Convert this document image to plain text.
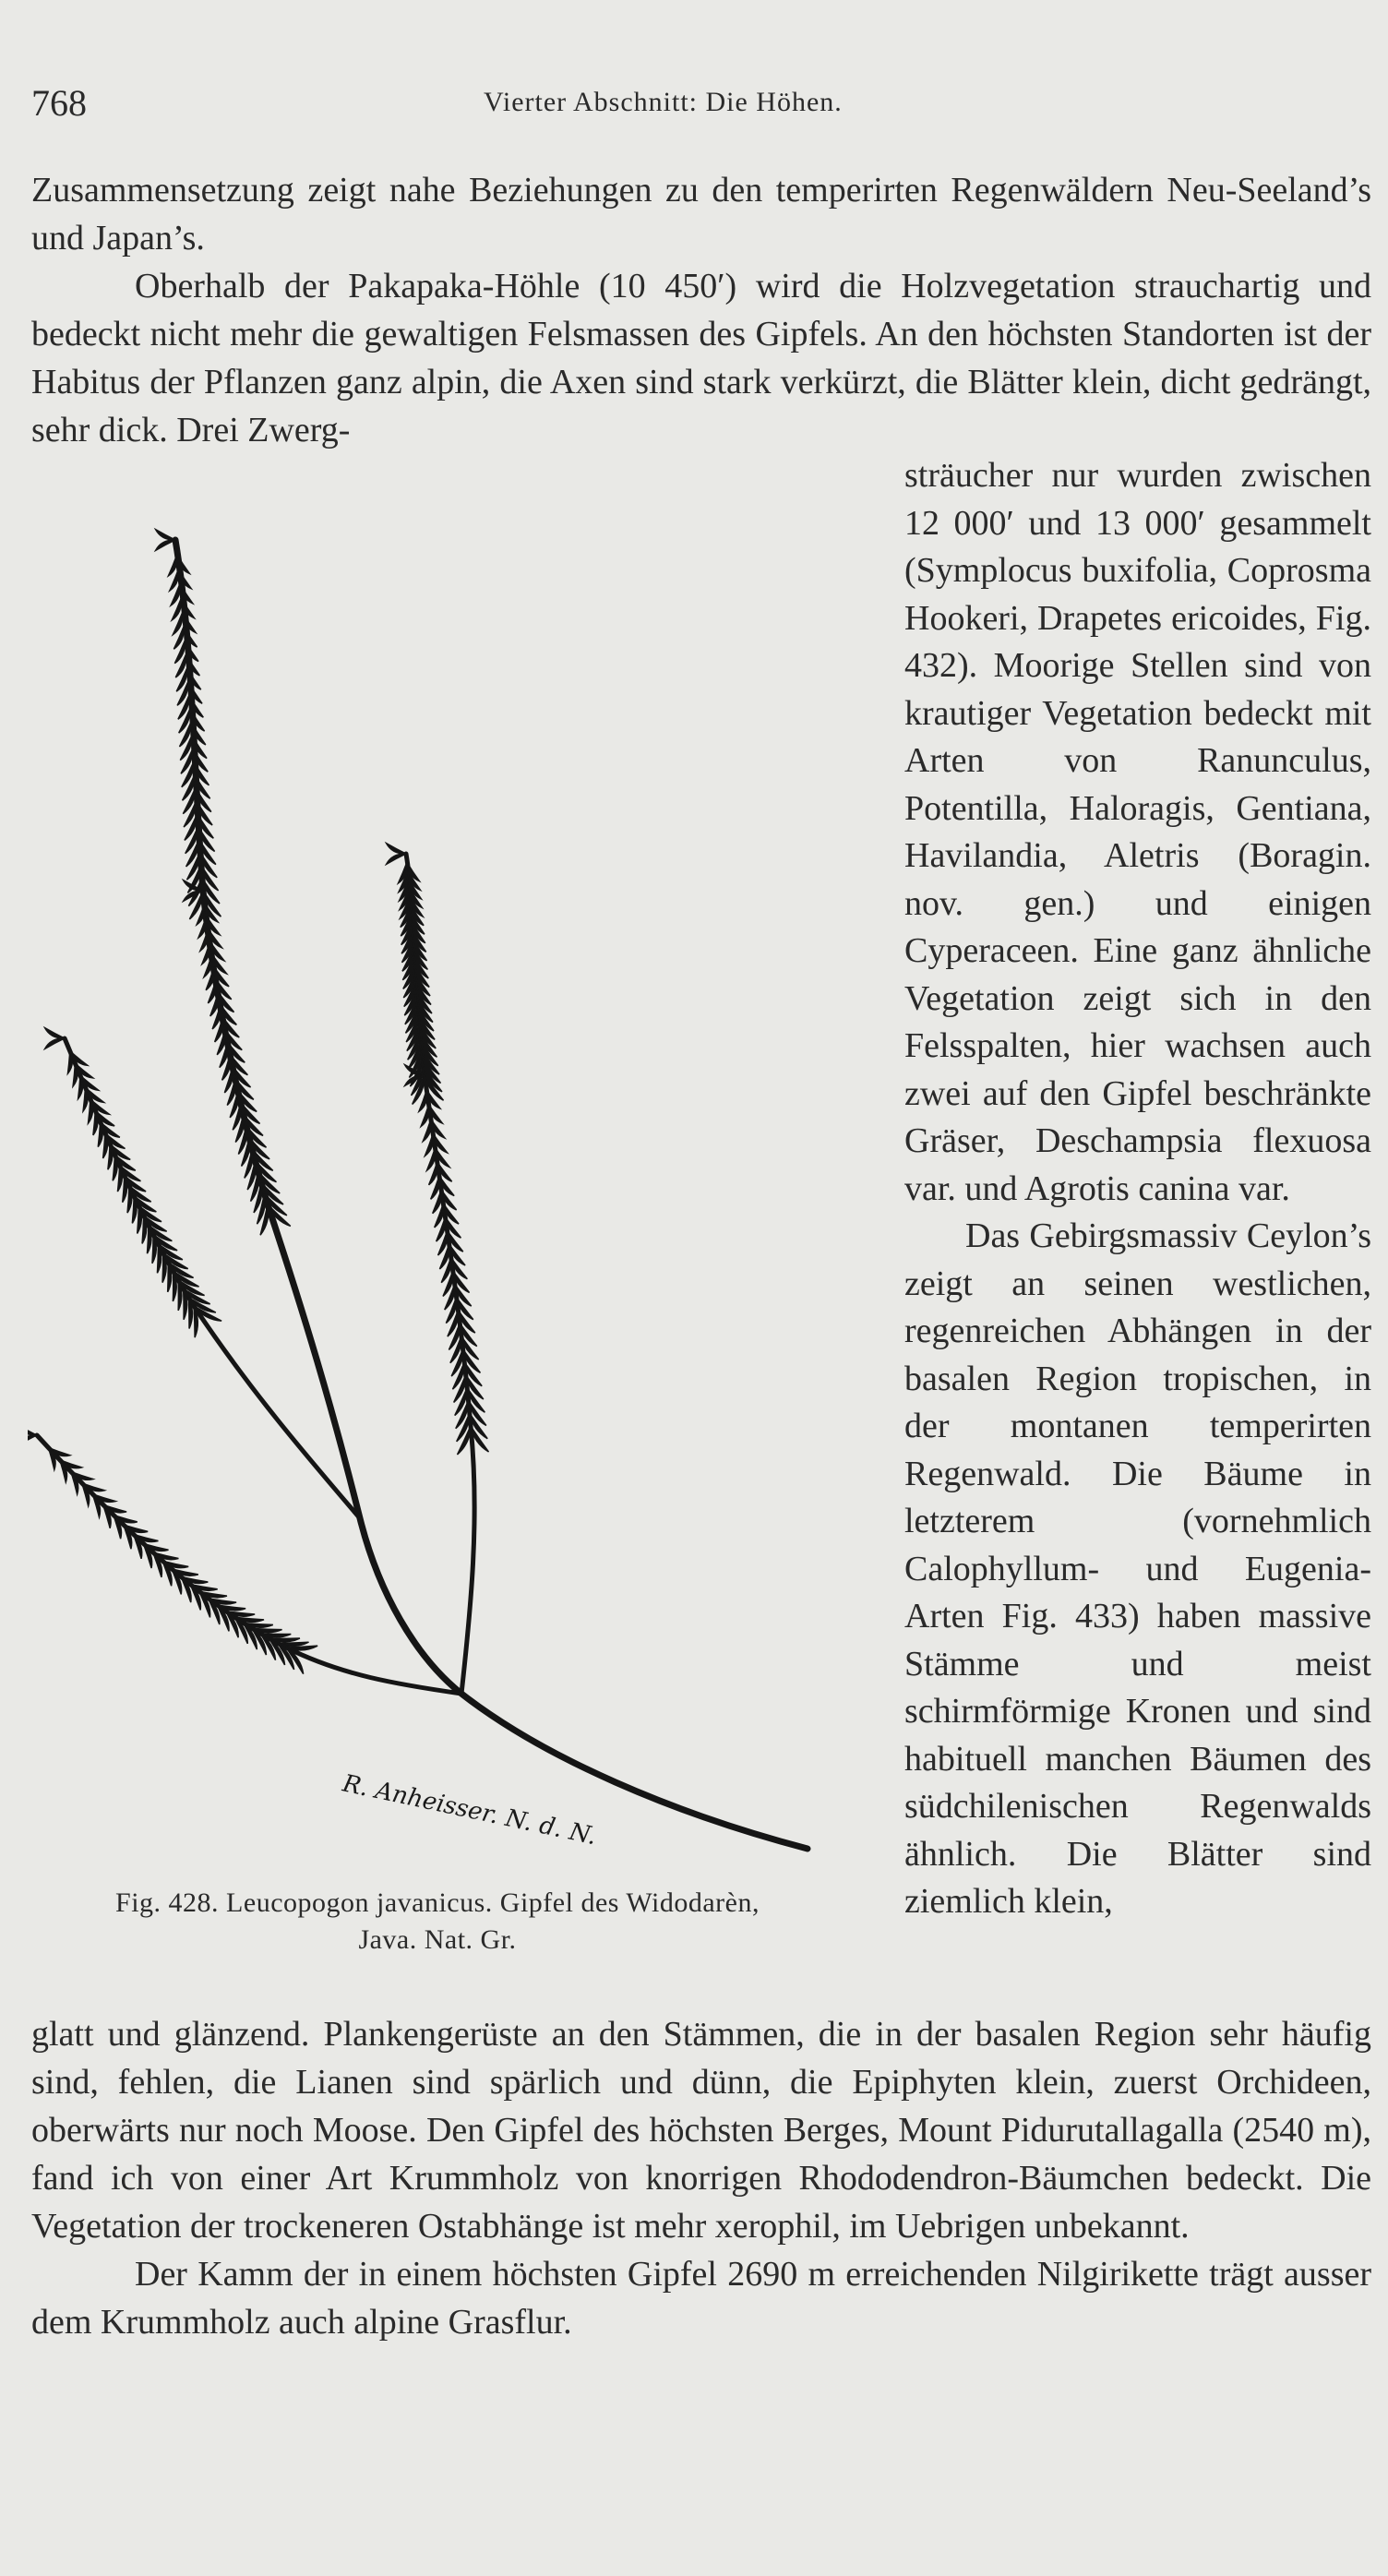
768	Vierter Abschnitt: Die Höhen.

Zusammensetzung zeigt nahe Beziehungen zu den temperirten Regenwäldern Neu-Seeland’s und Japan’s.

Oberhalb der Pakapaka-Höhle (10 450′) wird die Holzvegetation strauchartig und bedeckt nicht mehr die gewaltigen Felsmassen des Gipfels. An den höchsten Standorten ist der Habitus der Pflanzen ganz alpin, die Axen sind stark verkürzt, die Blätter klein, dicht gedrängt, sehr dick. Drei Zwerg-

R. Anheisser. N. d. N.
Fig. 428. Leucopogon javanicus. Gipfel des Widodarèn,
Java. Nat. Gr.

sträucher nur wurden zwischen 12 000′ und 13 000′ gesammelt (Symplocus buxifolia, Coprosma Hookeri, Drapetes ericoides, Fig. 432). Moorige Stellen sind von krautiger Vegetation bedeckt mit Arten von Ranunculus, Potentilla, Haloragis, Gentiana, Havilandia, Aletris (Boragin. nov. gen.) und einigen Cyperaceen. Eine ganz ähnliche Vegetation zeigt sich in den Felsspalten, hier wachsen auch zwei auf den Gipfel beschränkte Gräser, Deschampsia flexuosa var. und Agrotis canina var.

Das Gebirgsmassiv Ceylon’s zeigt an seinen westlichen, regenreichen Abhängen in der basalen Region tropischen, in der montanen temperirten Regenwald. Die Bäume in letzterem (vornehmlich Calophyllum- und Eugenia-Arten Fig. 433) haben massive Stämme und meist schirmförmige Kronen und sind habituell manchen Bäumen des südchilenischen Regenwalds ähnlich. Die Blätter sind ziemlich klein,

glatt und glänzend. Plankengerüste an den Stämmen, die in der basalen Region sehr häufig sind, fehlen, die Lianen sind spärlich und dünn, die Epiphyten klein, zuerst Orchideen, oberwärts nur noch Moose. Den Gipfel des höchsten Berges, Mount Pidurutallagalla (2540 m), fand ich von einer Art Krummholz von knorrigen Rhododendron-Bäumchen bedeckt. Die Vegetation der trockeneren Ostabhänge ist mehr xerophil, im Uebrigen unbekannt.

Der Kamm der in einem höchsten Gipfel 2690 m erreichenden Nilgirikette trägt ausser dem Krummholz auch alpine Grasflur.
